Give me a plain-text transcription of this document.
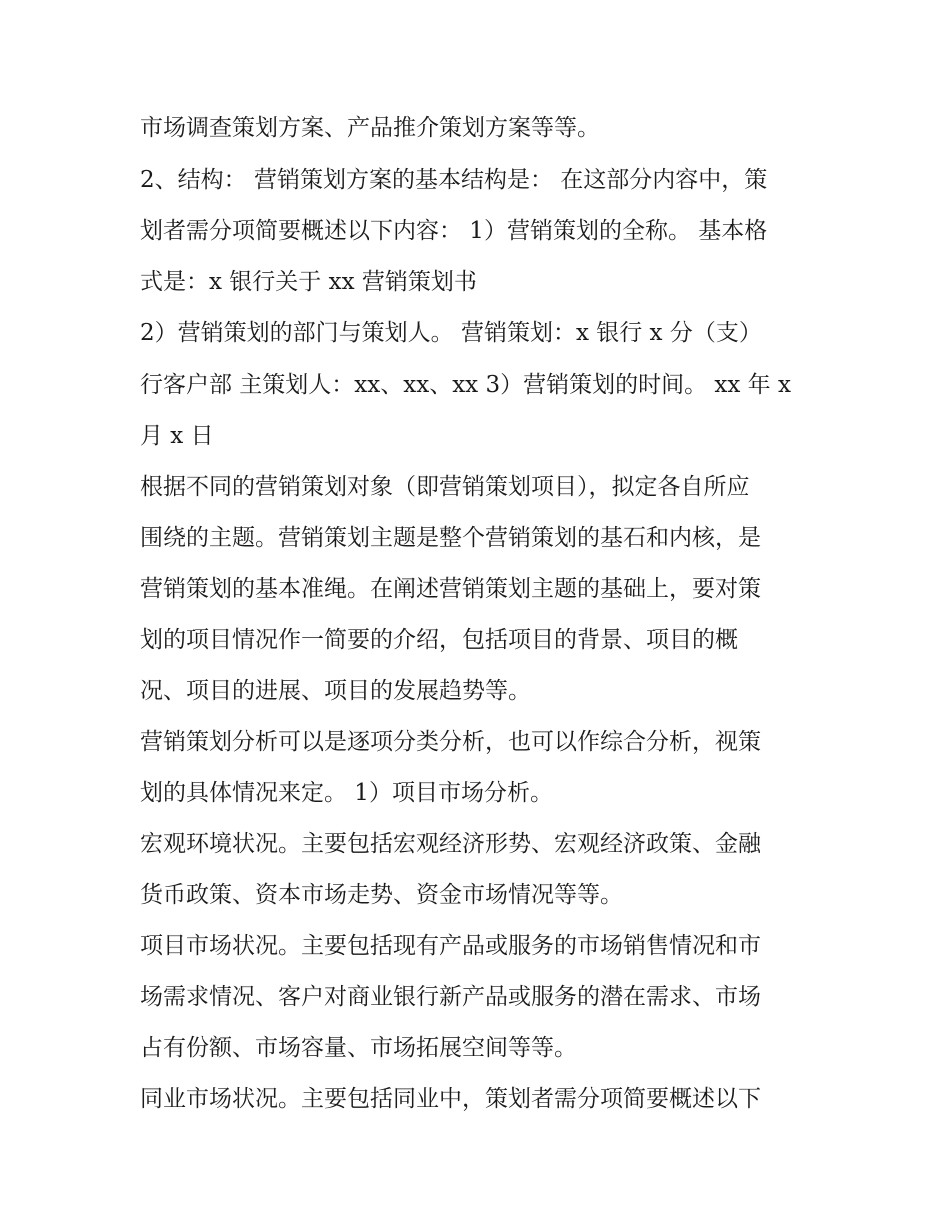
市场调查策划方案、产品推介策划方案等等。
2、结构： 营销策划方案的基本结构是： 在这部分内容中，策
划者需分项简要概述以下内容： 1）营销策划的全称。 基本格
式是：x 银行关于 xx 营销策划书
2）营销策划的部门与策划人。 营销策划：x 银行 x 分（支）
行客户部 主策划人：xx、xx、xx 3）营销策划的时间。 xx 年 x
月 x 日
根据不同的营销策划对象（即营销策划项目），拟定各自所应
围绕的主题。营销策划主题是整个营销策划的基石和内核，是
营销策划的基本准绳。在阐述营销策划主题的基础上，要对策
划的项目情况作一简要的介绍，包括项目的背景、项目的概
况、项目的进展、项目的发展趋势等。
营销策划分析可以是逐项分类分析，也可以作综合分析，视策
划的具体情况来定。 1）项目市场分析。
宏观环境状况。主要包括宏观经济形势、宏观经济政策、金融
货币政策、资本市场走势、资金市场情况等等。
项目市场状况。主要包括现有产品或服务的市场销售情况和市
场需求情况、客户对商业银行新产品或服务的潜在需求、市场
占有份额、市场容量、市场拓展空间等等。
同业市场状况。主要包括同业中，策划者需分项简要概述以下
